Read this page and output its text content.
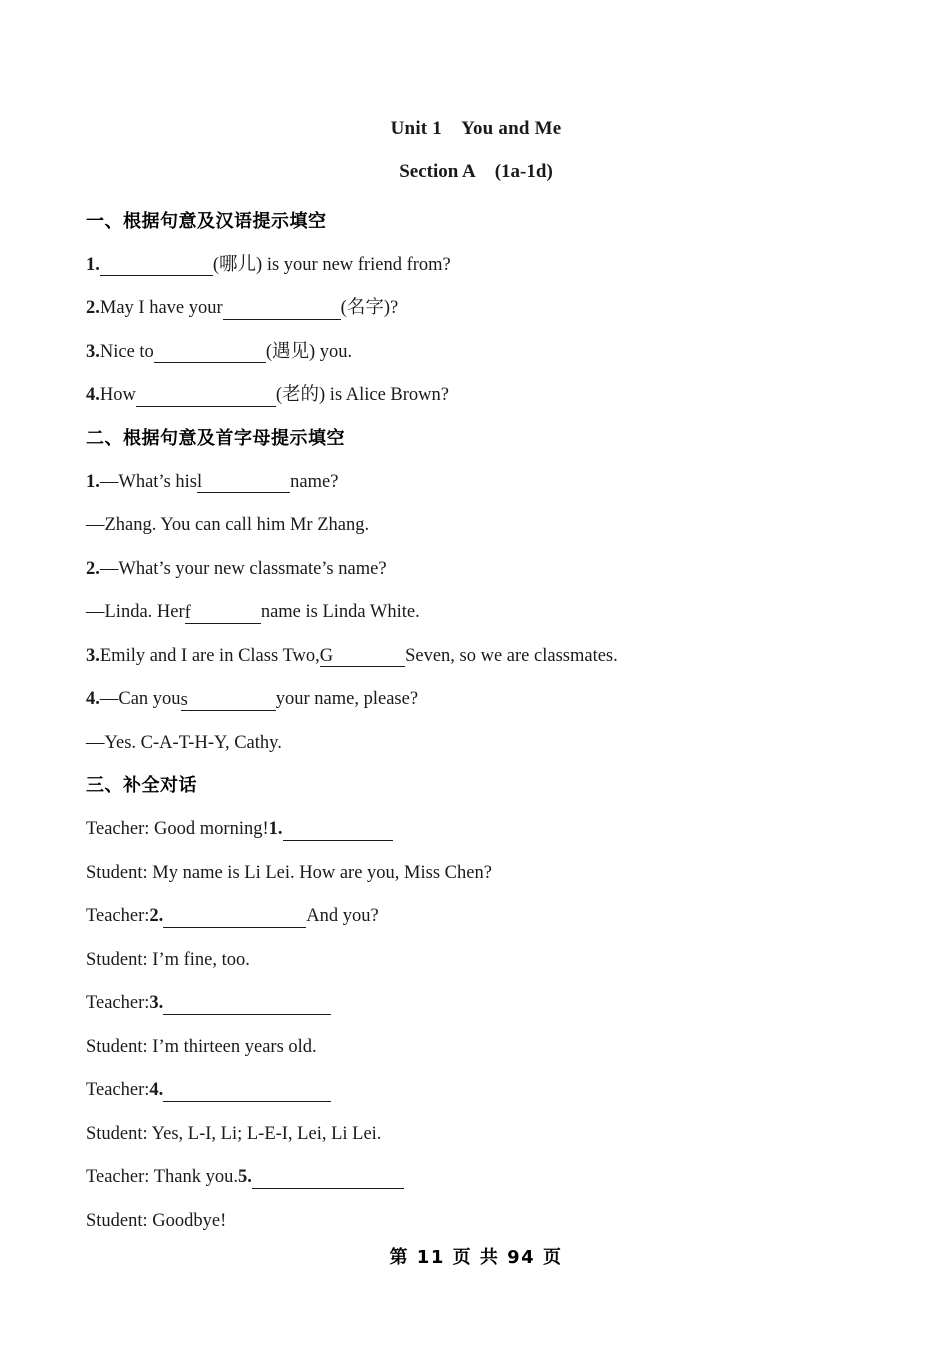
Unit 1 You and Me
Section A (1a-1d)
一、根据句意及汉语提示填空
1.	(哪儿) is your new friend from?
2. May I have your	(名字)?
3. Nice to	(遇见) you.
4. How	(老的) is Alice Brown?
二、根据句意及首字母提示填空
1. —What’s his l	name?
—Zhang. You can call him Mr Zhang.
2. —What’s your new classmate’s name?
—Linda. Her f	name is Linda White.
3. Emily and I are in Class Two, G	Seven, so we are classmates.
4. —Can you s	your name, please?
—Yes. C-A-T-H-Y, Cathy.
三、补全对话
Teacher: Good morning! 1.
Student: My name is Li Lei. How are you, Miss Chen?
Teacher: 2.	And you?
Student: I’m fine, too.
Teacher: 3.
Student: I’m thirteen years old.
Teacher: 4.
Student: Yes, L-I, Li; L-E-I, Lei, Li Lei.
Teacher: Thank you. 5.
Student: Goodbye!
第 11 页 共 94 页
